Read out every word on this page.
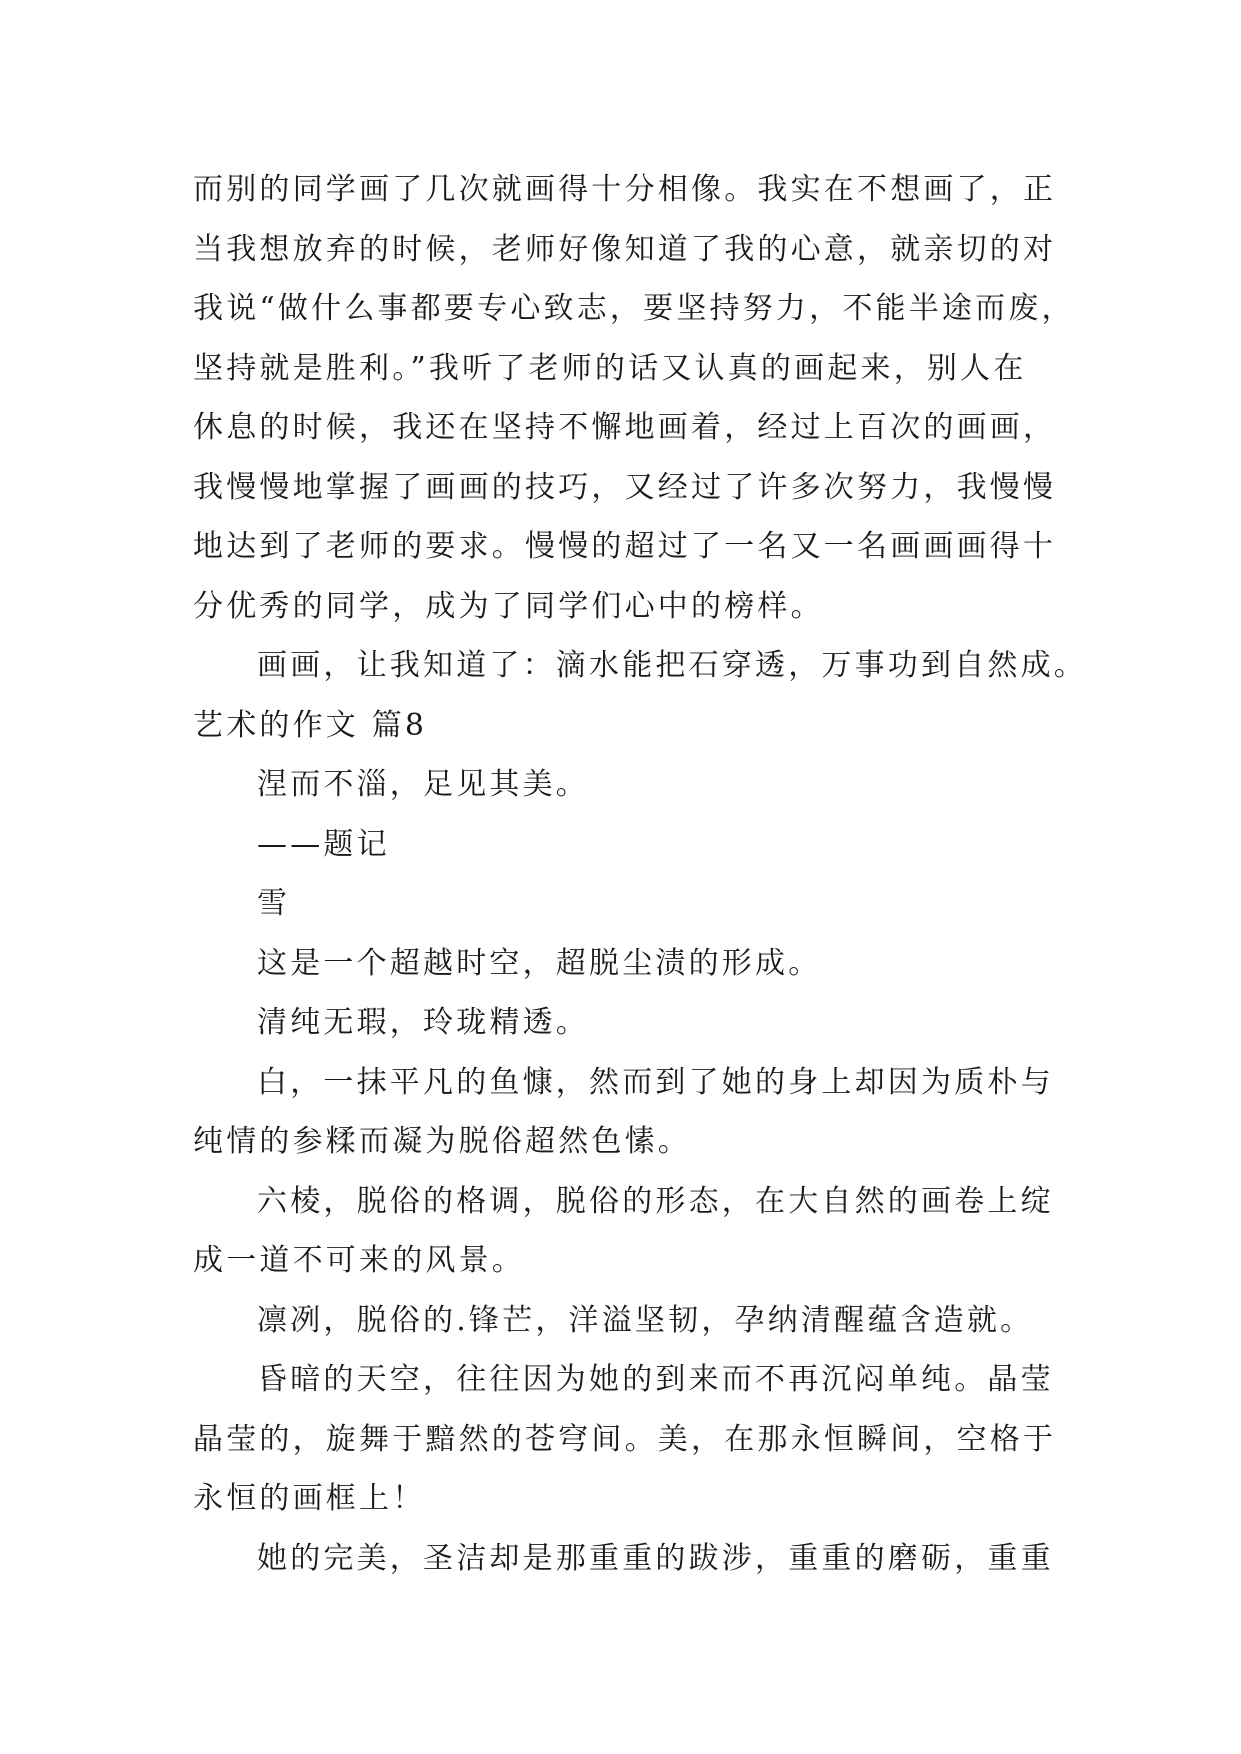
而别的同学画了几次就画得十分相像。我实在不想画了，正
当我想放弃的时候，老师好像知道了我的心意，就亲切的对
我说“做什么事都要专心致志，要坚持努力，不能半途而废，
坚持就是胜利。”我听了老师的话又认真的画起来，别人在
休息的时候，我还在坚持不懈地画着，经过上百次的画画，
我慢慢地掌握了画画的技巧，又经过了许多次努力，我慢慢
地达到了老师的要求。慢慢的超过了一名又一名画画画得十
分优秀的同学，成为了同学们心中的榜样。
画画，让我知道了：滴水能把石穿透，万事功到自然成。
艺术的作文 篇8
涅而不淄，足见其美。
——题记
雪
这是一个超越时空，超脱尘渍的形成。
清纯无瑕，玲珑精透。
白，一抹平凡的鱼慷，然而到了她的身上却因为质朴与
纯情的参糅而凝为脱俗超然色愫。
六棱，脱俗的格调，脱俗的形态，在大自然的画卷上绽
成一道不可来的风景。
凛冽，脱俗的.锋芒，洋溢坚韧，孕纳清醒蕴含造就。
昏暗的天空，往往因为她的到来而不再沉闷单纯。晶莹
晶莹的，旋舞于黯然的苍穹间。美，在那永恒瞬间，空格于
永恒的画框上！
她的完美，圣洁却是那重重的跋涉，重重的磨砺，重重
